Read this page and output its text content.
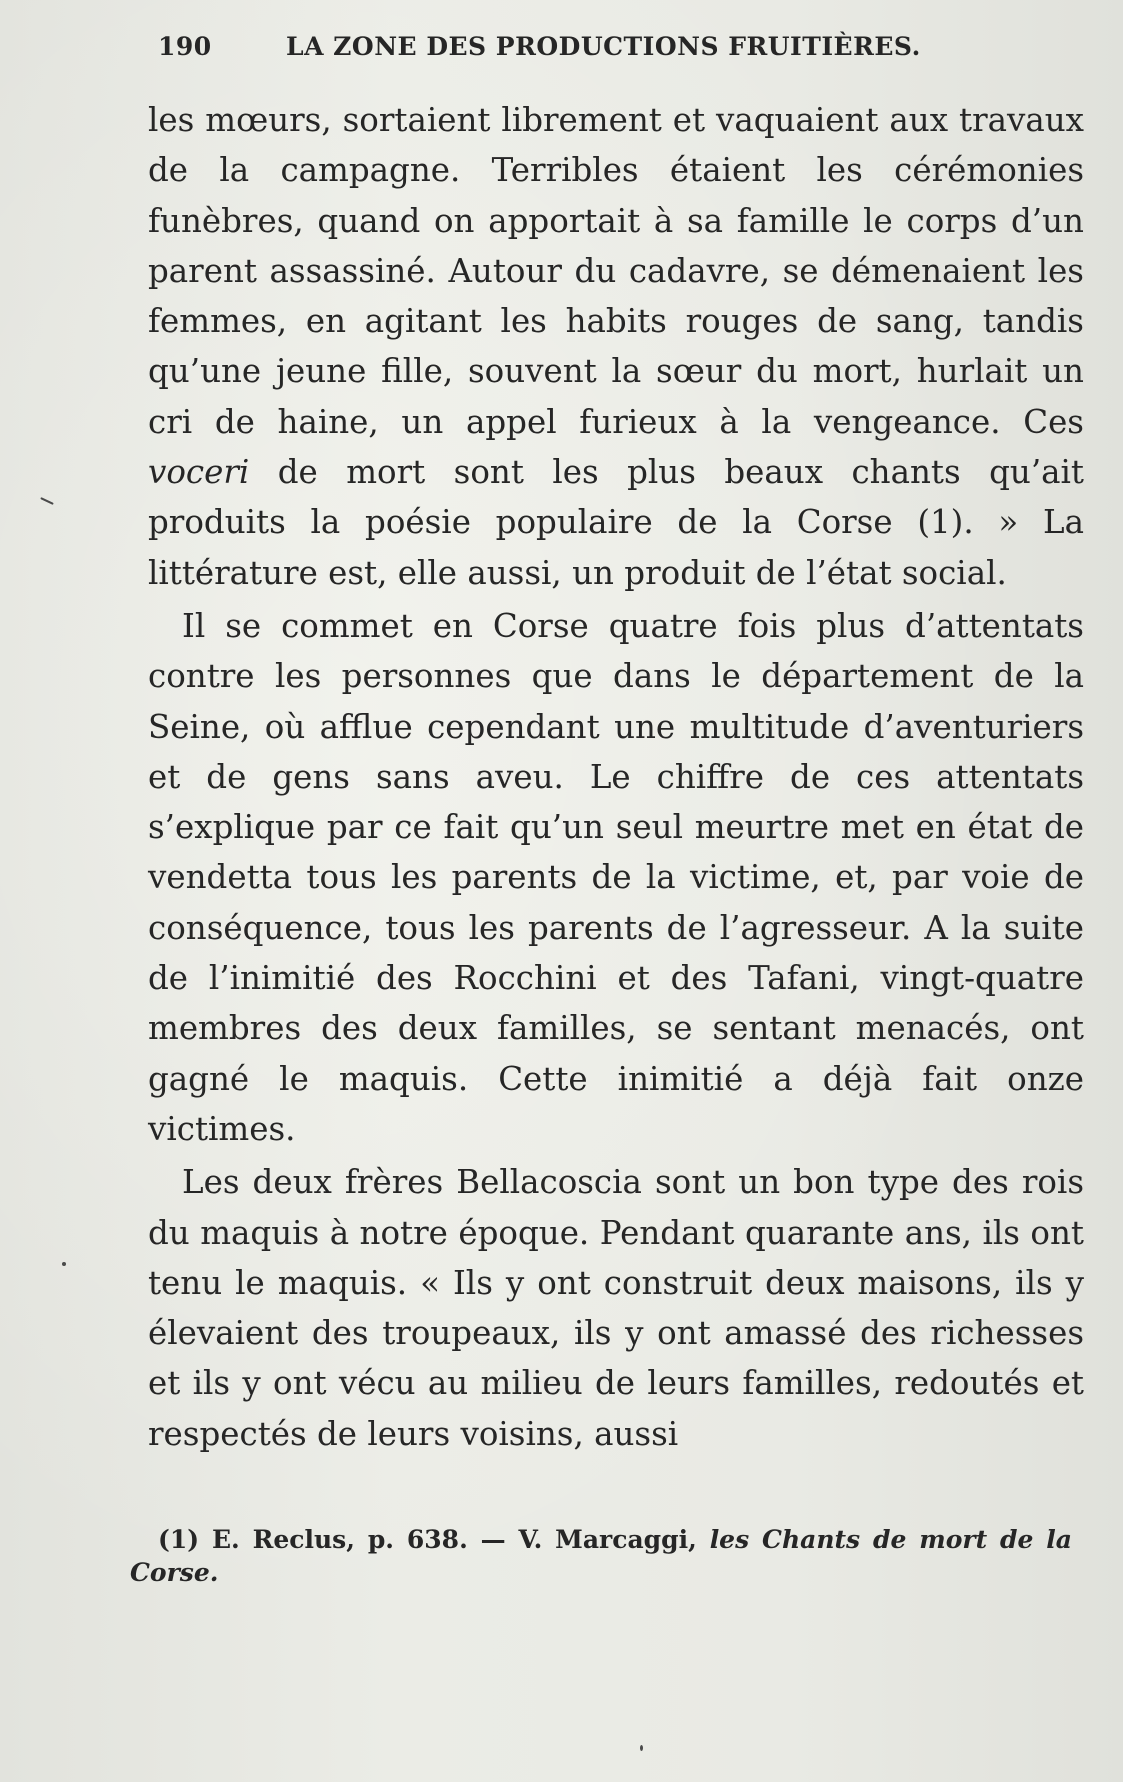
190	LA ZONE DES PRODUCTIONS FRUITIÈRES.

les mœurs, sortaient librement et vaquaient aux travaux de la campagne. Terribles étaient les cérémonies funèbres, quand on apportait à sa famille le corps d’un parent assassiné. Autour du cadavre, se démenaient les femmes, en agitant les habits rouges de sang, tandis qu’une jeune fille, souvent la sœur du mort, hurlait un cri de haine, un appel furieux à la vengeance. Ces voceri de mort sont les plus beaux chants qu’ait produits la poésie populaire de la Corse (1). » La littérature est, elle aussi, un produit de l’état social.

Il se commet en Corse quatre fois plus d’attentats contre les personnes que dans le département de la Seine, où afflue cependant une multitude d’aventuriers et de gens sans aveu. Le chiffre de ces attentats s’explique par ce fait qu’un seul meurtre met en état de vendetta tous les parents de la victime, et, par voie de conséquence, tous les parents de l’agresseur. A la suite de l’inimitié des Rocchini et des Tafani, vingt-quatre membres des deux familles, se sentant menacés, ont gagné le maquis. Cette inimitié a déjà fait onze victimes.

Les deux frères Bellacoscia sont un bon type des rois du maquis à notre époque. Pendant quarante ans, ils ont tenu le maquis. « Ils y ont construit deux maisons, ils y élevaient des troupeaux, ils y ont amassé des richesses et ils y ont vécu au milieu de leurs familles, redoutés et respectés de leurs voisins, aussi

(1) E. Reclus, p. 638. — V. Marcaggi, les Chants de mort de la Corse.
